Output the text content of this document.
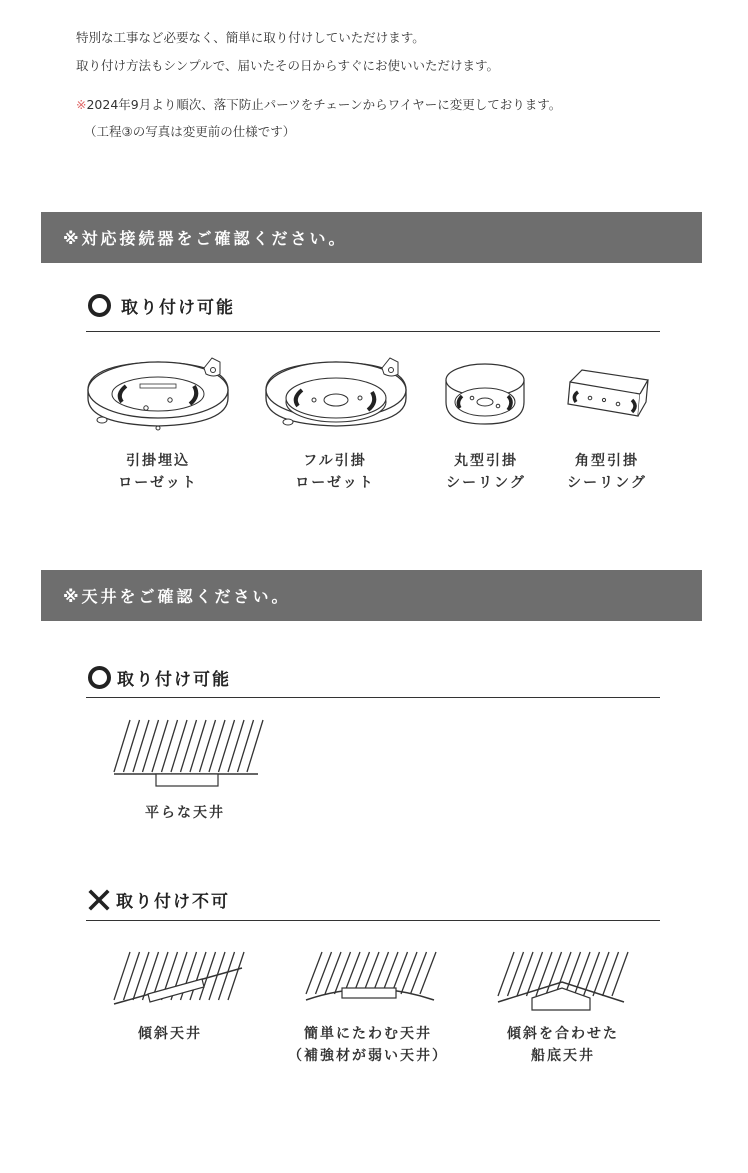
特別な工事など必要なく、簡単に取り付けしていただけます。
取り付け方法もシンプルで、届いたその日からすぐにお使いいただけます。
※2024年9月より順次、落下防止パーツをチェーンからワイヤーに変更しております。
（工程③の写真は変更前の仕様です）
※対応接続器をご確認ください。
取り付け可能
引掛埋込
ローゼット
フル引掛
ローゼット
丸型引掛
シーリング
角型引掛
シーリング
※天井をご確認ください。
取り付け可能
平らな天井
取り付け不可
傾斜天井	簡単にたわむ天井
（補強材が弱い天井）
傾斜を合わせた
船底天井
